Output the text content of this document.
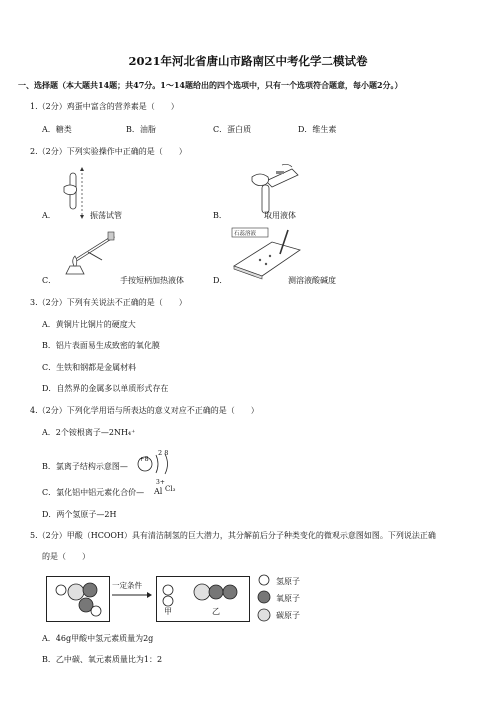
2021年河北省唐山市路南区中考化学二模试卷
一、选择题（本大题共14题；共47分。1～14题给出的四个选项中，只有一个选项符合题意，每小题2分。）
1.（2分）鸡蛋中富含的营养素是（　　）
A．糖类	B．油脂	C．蛋白质	D．维生素
2.（2分）下列实验操作中正确的是（　　）
A．	振荡试管	B．	取用液体
C．	手按短柄加热液体
石蕊溶液
D．	测溶液酸碱度
3.（2分）下列有关说法不正确的是（　　）
A．黄铜片比铜片的硬度大
B．铝片表面易生成致密的氧化膜
C．生铁和钢都是金属材料
D．自然界的金属多以单质形式存在
4.（2分）下列化学用语与所表达的意义对应不正确的是（　　）
A．2个铵根离子—2NH₄⁺
B．氯离子结构示意图—
+8
2 8
C．氯化铝中铝元素化合价—
3+
Al Cl₃
D．两个氢原子—2H
5.（2分）甲酸（HCOOH）具有清洁制氢的巨大潜力，其分解前后分子种类变化的微观示意图如图。下列说法正确
的是（　　）
一定条件
甲	乙
氢原子
氧原子
碳原子
A．46g甲酸中氢元素质量为2g
B．乙中碳、氧元素质量比为1：2
